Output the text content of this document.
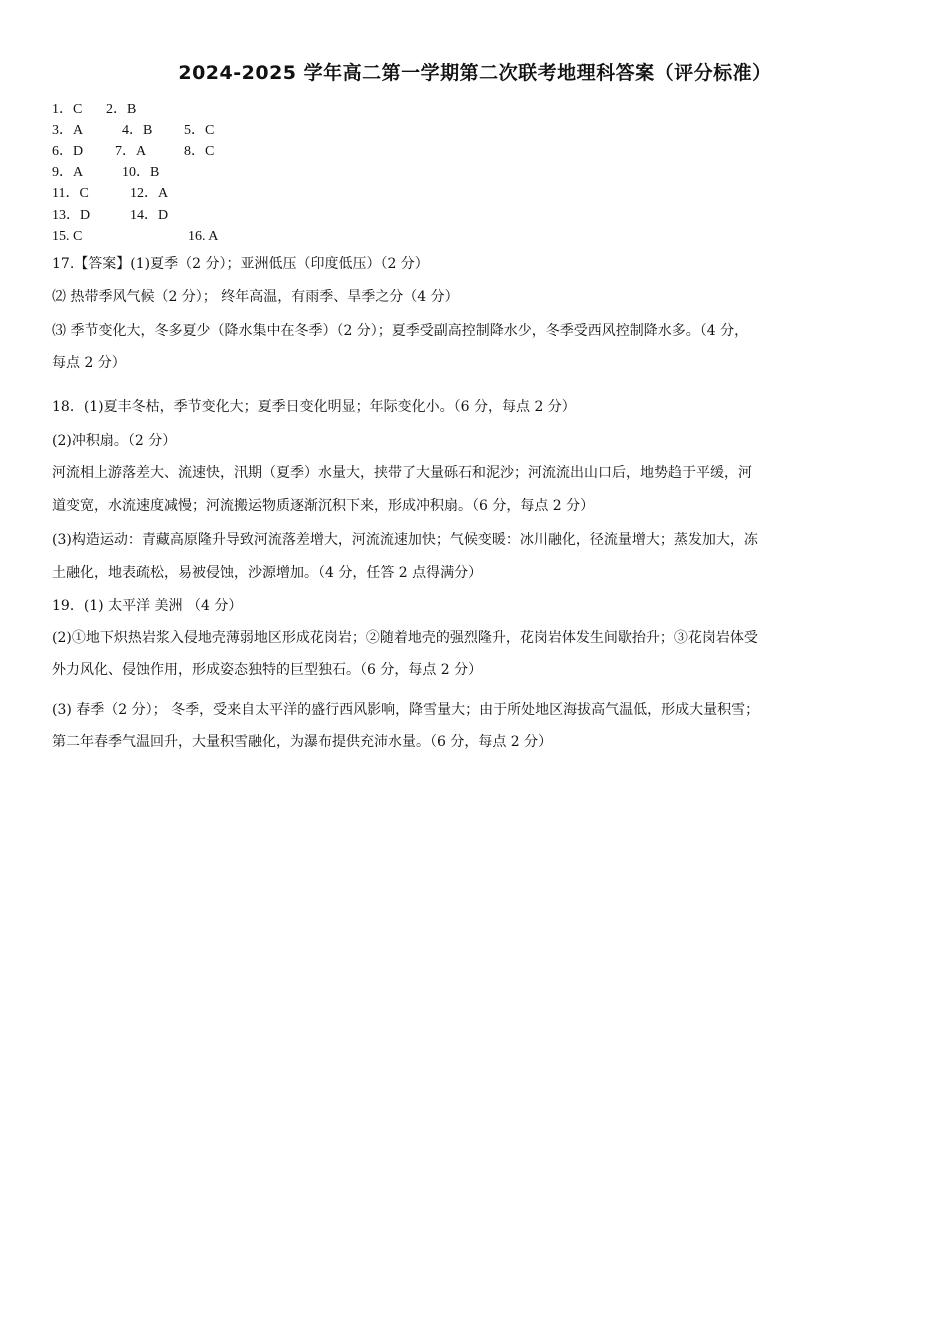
2024-2025 学年高二第一学期第二次联考地理科答案（评分标准）
1．C 2．B
3．A	4．B 5．C
6．D 7．A	8．C
9．A	10．B
11．C	12．A
13．D	14．D
15. C	16. A
17.【答案】(1)夏季（2 分）；亚洲低压（印度低压）（2 分）
⑵ 热带季风气候（2 分）； 终年高温，有雨季、旱季之分（4 分）
⑶ 季节变化大，冬多夏少（降水集中在冬季）（2 分）；夏季受副高控制降水少，冬季受西风控制降水多。（4 分，
每点 2 分）
18．(1)夏丰冬枯，季节变化大；夏季日变化明显；年际变化小。（6 分，每点 2 分）
(2)冲积扇。（2 分）
河流相上游落差大、流速快，汛期（夏季）水量大，挟带了大量砾石和泥沙；河流流出山口后，地势趋于平缓，河
道变宽，水流速度减慢；河流搬运物质逐渐沉积下来，形成冲积扇。（6 分，每点 2 分）
(3)构造运动：青藏高原隆升导致河流落差增大，河流流速加快；气候变暖：冰川融化，径流量增大；蒸发加大，冻
土融化，地表疏松，易被侵蚀，沙源增加。（4 分，任答 2 点得满分）
19．(1) 太平洋 美洲 （4 分）
(2)①地下炽热岩浆入侵地壳薄弱地区形成花岗岩；②随着地壳的强烈隆升，花岗岩体发生间歇抬升；③花岗岩体受
外力风化、侵蚀作用，形成姿态独特的巨型独石。（6 分，每点 2 分）
(3) 春季（2 分）； 冬季，受来自太平洋的盛行西风影响，降雪量大；由于所处地区海拔高气温低，形成大量积雪；
第二年春季气温回升，大量积雪融化，为瀑布提供充沛水量。（6 分，每点 2 分）
